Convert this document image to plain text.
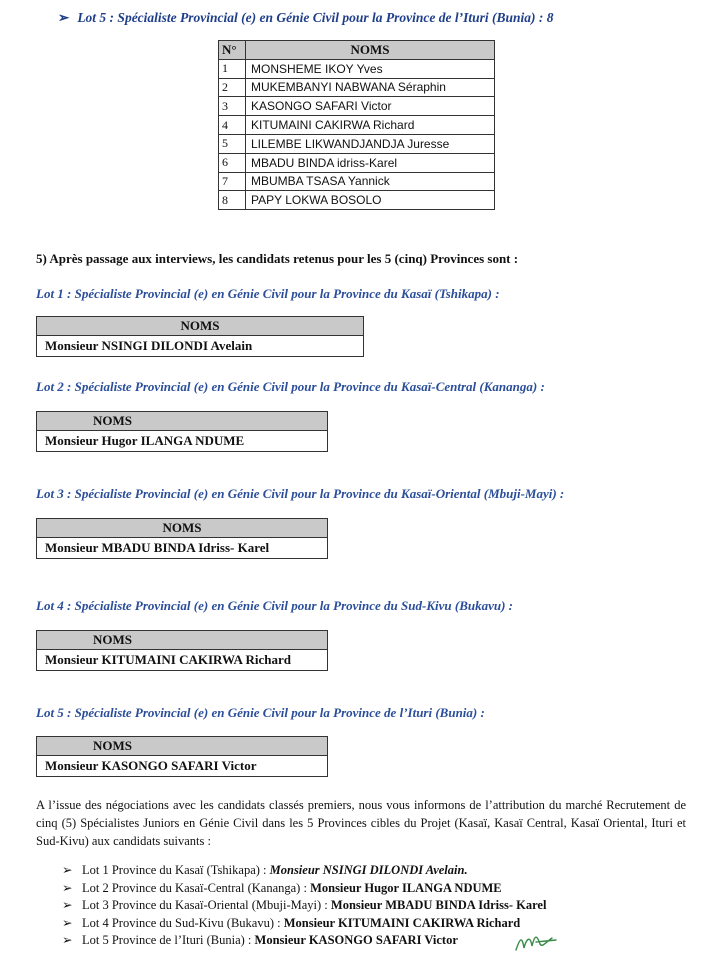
➢ Lot 5 : Spécialiste Provincial (e) en Génie Civil pour la Province de l’Ituri (Bunia) : 8
N°	NOMS
1	MONSHEME IKOY Yves
2	MUKEMBANYI NABWANA Séraphin
3	KASONGO SAFARI Victor
4	KITUMAINI CAKIRWA Richard
5	LILEMBE LIKWANDJANDJA Juresse
6	MBADU BINDA idriss-Karel
7	MBUMBA TSASA Yannick
8	PAPY LOKWA BOSOLO
5) Après passage aux interviews, les candidats retenus pour les 5 (cinq) Provinces sont :
Lot 1 : Spécialiste Provincial (e) en Génie Civil pour la Province du Kasaï (Tshikapa) :
NOMS
Monsieur NSINGI DILONDI Avelain
Lot 2 : Spécialiste Provincial (e) en Génie Civil pour la Province du Kasaï-Central (Kananga) :
NOMS
Monsieur Hugor ILANGA NDUME
Lot 3 : Spécialiste Provincial (e) en Génie Civil pour la Province du Kasaï-Oriental (Mbuji-Mayi) :
NOMS
Monsieur MBADU BINDA Idriss- Karel
Lot 4 : Spécialiste Provincial (e) en Génie Civil pour la Province du Sud-Kivu (Bukavu) :
NOMS
Monsieur KITUMAINI CAKIRWA Richard
Lot 5 : Spécialiste Provincial (e) en Génie Civil pour la Province de l’Ituri (Bunia) :
NOMS
Monsieur KASONGO SAFARI Victor
A l’issue des négociations avec les candidats classés premiers, nous vous informons de l’attribution du marché Recrutement de cinq (5) Spécialistes Juniors en Génie Civil dans les 5 Provinces cibles du Projet (Kasaï, Kasaï Central, Kasaï Oriental, Ituri et Sud-Kivu) aux candidats suivants :
➢ Lot 1 Province du Kasaï (Tshikapa) : Monsieur NSINGI DILONDI Avelain.
➢ Lot 2 Province du Kasaï-Central (Kananga) : Monsieur Hugor ILANGA NDUME
➢ Lot 3 Province du Kasaï-Oriental (Mbuji-Mayi) : Monsieur MBADU BINDA Idriss- Karel
➢ Lot 4 Province du Sud-Kivu (Bukavu) : Monsieur KITUMAINI CAKIRWA Richard
➢ Lot 5 Province de l’Ituri (Bunia) : Monsieur KASONGO SAFARI Victor
